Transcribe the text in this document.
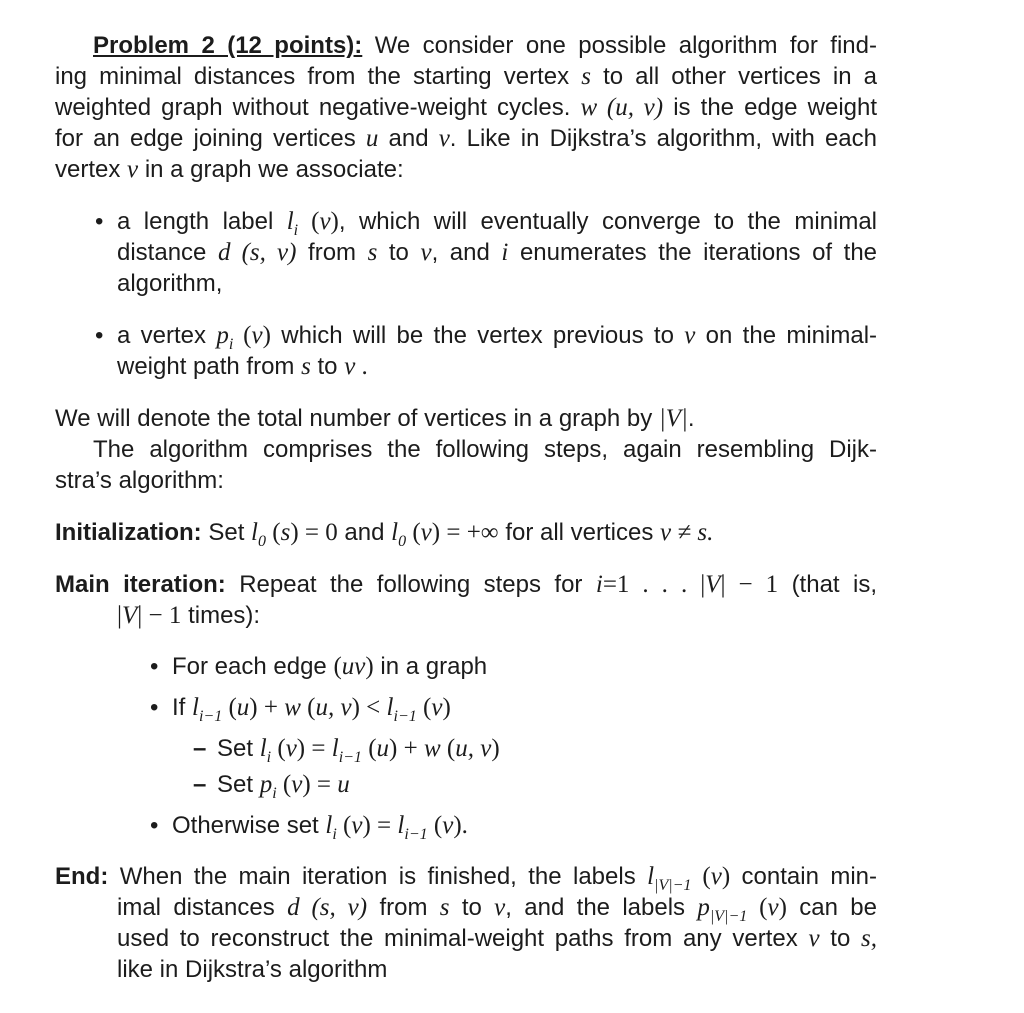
Problem 2 (12 points): We consider one possible algorithm for find-
ing minimal distances from the starting vertex s to all other vertices in a
weighted graph without negative-weight cycles. w (u, v) is the edge weight
for an edge joining vertices u and v. Like in Dijkstra’s algorithm, with each
vertex v in a graph we associate:
• a length label $l_i$ (v), which will eventually converge to the minimal
distance d (s, v) from s to v, and i enumerates the iterations of the
algorithm,
• a vertex $p_i$ (v) which will be the vertex previous to v on the minimal-
weight path from s to v .
We will denote the total number of vertices in a graph by |V|.
The algorithm comprises the following steps, again resembling Dijk-
stra’s algorithm:
Initialization: Set $l_0$ (s) = 0 and $l_0$ (v) = +∞ for all vertices v ≠ s.
Main iteration: Repeat the following steps for i=1 . . . |V| − 1 (that is,
|V| − 1 times):
• For each edge (uv) in a graph
• If $l_{i-1}$ (u) + w (u, $v) < l_{i-1}$ (v)
– Set $l_i$ $(v) = l_{i-1}$ (u) + w (u, v)
– Set $p_i$ (v) = u
• Otherwise set $l_i$ $(v) = l_{i-1}$ (v).
End: When the main iteration is finished, the labels $l_{|V|-1}$ (v) contain min-
imal distances d (s, v) from s to v, and the labels $p_{|V|-1}$ (v) can be
used to reconstruct the minimal-weight paths from any vertex v to s,
like in Dijkstra’s algorithm
